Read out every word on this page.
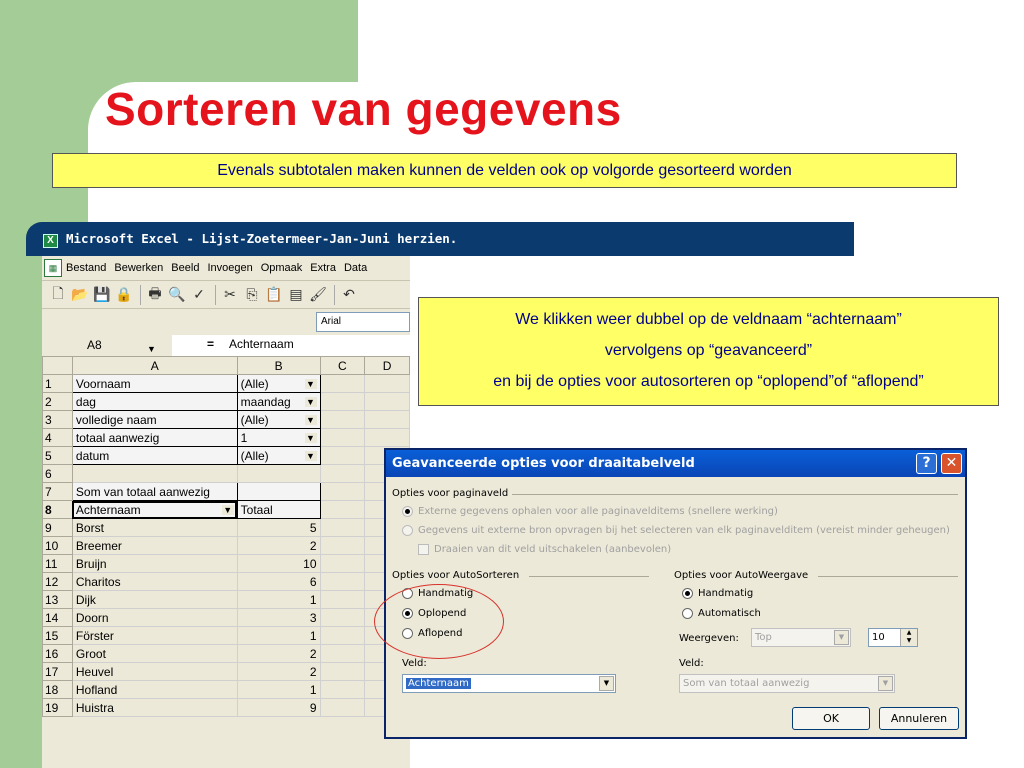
Sorteren van gegevens
Evenals subtotalen maken kunnen de velden ook op volgorde gesorteerd worden
Microsoft Excel - Lijst-Zoetermeer-Jan-Juni herzien.
X
▦ Bestand Bewerken Beeld Invoegen Opmaak Extra Data
🗋 📂 💾 🔒 🖶 🔍 ✓ ✂ ⎘ 📋 ▤ 🖌 ↶
Arial
A8	▼	= Achternaam
	A	B	C	D
1	Voornaam	(Alle) ▼		

2	dag	maandag ▼		

3	volledige naam	(Alle) ▼		

4	totaal aanwezig	1 ▼		

5	datum	(Alle) ▼		

6				
7	Som van totaal aanwezig			
8	Achternaam ▼	Totaal		
9	Borst	5		
10	Breemer	2		
11	Bruijn	10		
12	Charitos	6		
13	Dijk	1		
14	Doorn	3		
15	Förster	1		
16	Groot	2		
17	Heuvel	2		
18	Hofland	1		
19	Huistra	9		
We klikken weer dubbel op de veldnaam “achternaam”
vervolgens op “geavanceerd”
en bij de opties voor autosorteren op “oplopend”of “aflopend”
Geavanceerde opties voor draaitabelveld	?	✕
Opties voor paginaveld
Externe gegevens ophalen voor alle paginavelditems (snellere werking)
Gegevens uit externe bron opvragen bij het selecteren van elk paginavelditem (vereist minder geheugen)
Draaien van dit veld uitschakelen (aanbevolen)
Opties voor AutoSorteren
Handmatig
Oplopend
Aflopend
Veld:
Achternaam	▼
Opties voor AutoWeergave
Handmatig
Automatisch
Weergeven:	Top	▼	10	▲
▼
Veld:
Som van totaal aanwezig	▼
OK	Annuleren
